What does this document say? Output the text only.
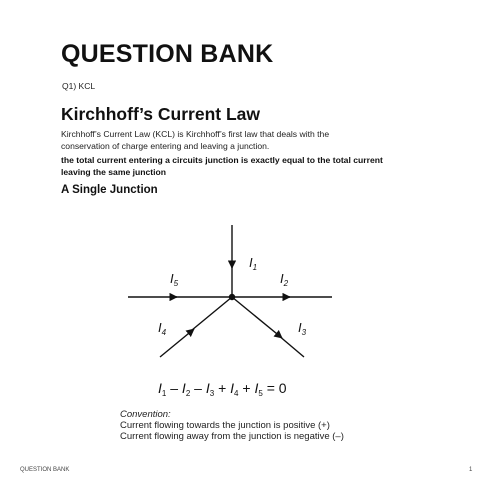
QUESTION BANK
Q1) KCL
Kirchhoff’s Current Law

Kirchhoff’s Current Law (KCL) is Kirchhoff’s first law that deals with the
conservation of charge entering and leaving a junction.

the total current entering a circuits junction is exactly equal to the total current
leaving the same junction

A Single Junction
$I_1$
$I_2$
$I_5$
$I_4$	$I_3$
$I_1 - I_2 - I_3 + I_4 + I_5 = 0$
Convention:
Current flowing towards the junction is positive (+)
Current flowing away from the junction is negative (–)
QUESTION BANK	1
